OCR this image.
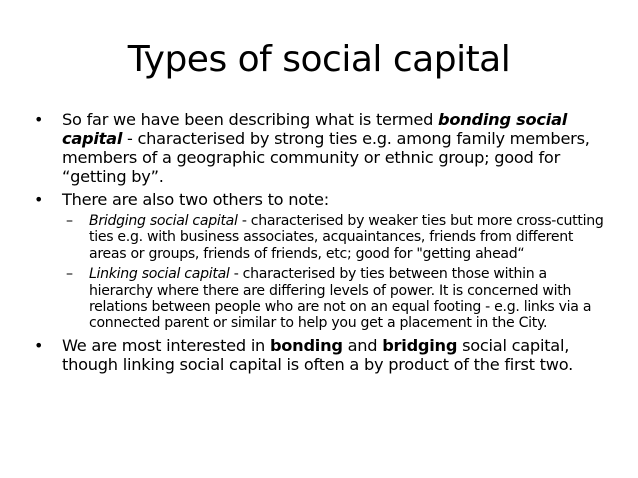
Types of social capital
•	So far we have been describing what is termed bonding social capital - characterised by strong ties e.g. among family members, members of a geographic community or ethnic group; good for “getting by”.
•	There are also two others to note:
–	Bridging social capital - characterised by weaker ties but more cross-cutting ties e.g. with business associates, acquaintances, friends from different areas or groups, friends of friends, etc; good for "getting ahead“
–	Linking social capital - characterised by ties between those within a hierarchy where there are differing levels of power. It is concerned with relations between people who are not on an equal footing - e.g. links via a connected parent or similar to help you get a placement in the City.
•	We are most interested in bonding and bridging social capital, though linking social capital is often a by product of the first two.
